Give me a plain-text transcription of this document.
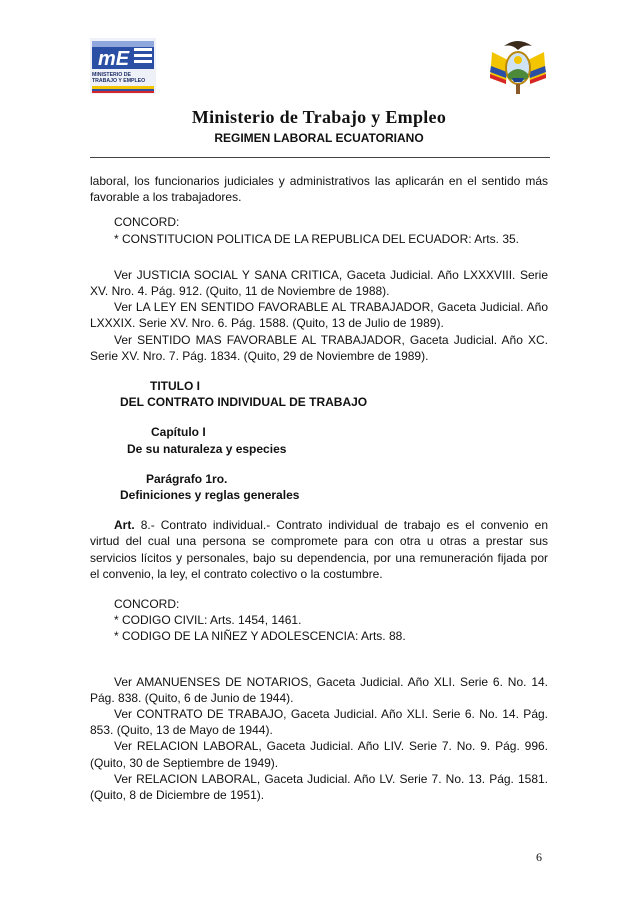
mE
MINISTERIO DE
TRABAJO Y EMPLEO
Ministerio de Trabajo y Empleo
REGIMEN LABORAL ECUATORIANO

laboral, los funcionarios judiciales y administrativos las aplicarán en el sentido más favorable a los trabajadores.

CONCORD:

* CONSTITUCION POLITICA DE LA REPUBLICA DEL ECUADOR: Arts. 35.

Ver JUSTICIA SOCIAL Y SANA CRITICA, Gaceta Judicial. Año LXXXVIII. Serie XV. Nro. 4. Pág. 912. (Quito, 11 de Noviembre de 1988).

Ver LA LEY EN SENTIDO FAVORABLE AL TRABAJADOR, Gaceta Judicial. Año LXXXIX. Serie XV. Nro. 6. Pág. 1588. (Quito, 13 de Julio de 1989).

Ver SENTIDO MAS FAVORABLE AL TRABAJADOR, Gaceta Judicial. Año XC. Serie XV. Nro. 7. Pág. 1834. (Quito, 29 de Noviembre de 1989).

TITULO I

DEL CONTRATO INDIVIDUAL DE TRABAJO

Capítulo I

De su naturaleza y especies

Parágrafo 1ro.

Definiciones y reglas generales

Art. 8.- Contrato individual.- Contrato individual de trabajo es el convenio en virtud del cual una persona se compromete para con otra u otras a prestar sus servicios lícitos y personales, bajo su dependencia, por una remuneración fijada por el convenio, la ley, el contrato colectivo o la costumbre.

CONCORD:

* CODIGO CIVIL: Arts. 1454, 1461.

* CODIGO DE LA NIÑEZ Y ADOLESCENCIA: Arts. 88.

Ver AMANUENSES DE NOTARIOS, Gaceta Judicial. Año XLI. Serie 6. No. 14. Pág. 838. (Quito, 6 de Junio de 1944).

Ver CONTRATO DE TRABAJO, Gaceta Judicial. Año XLI. Serie 6. No. 14. Pág. 853. (Quito, 13 de Mayo de 1944).

Ver RELACION LABORAL, Gaceta Judicial. Año LIV. Serie 7. No. 9. Pág. 996. (Quito, 30 de Septiembre de 1949).

Ver RELACION LABORAL, Gaceta Judicial. Año LV. Serie 7. No. 13. Pág. 1581. (Quito, 8 de Diciembre de 1951).

6
